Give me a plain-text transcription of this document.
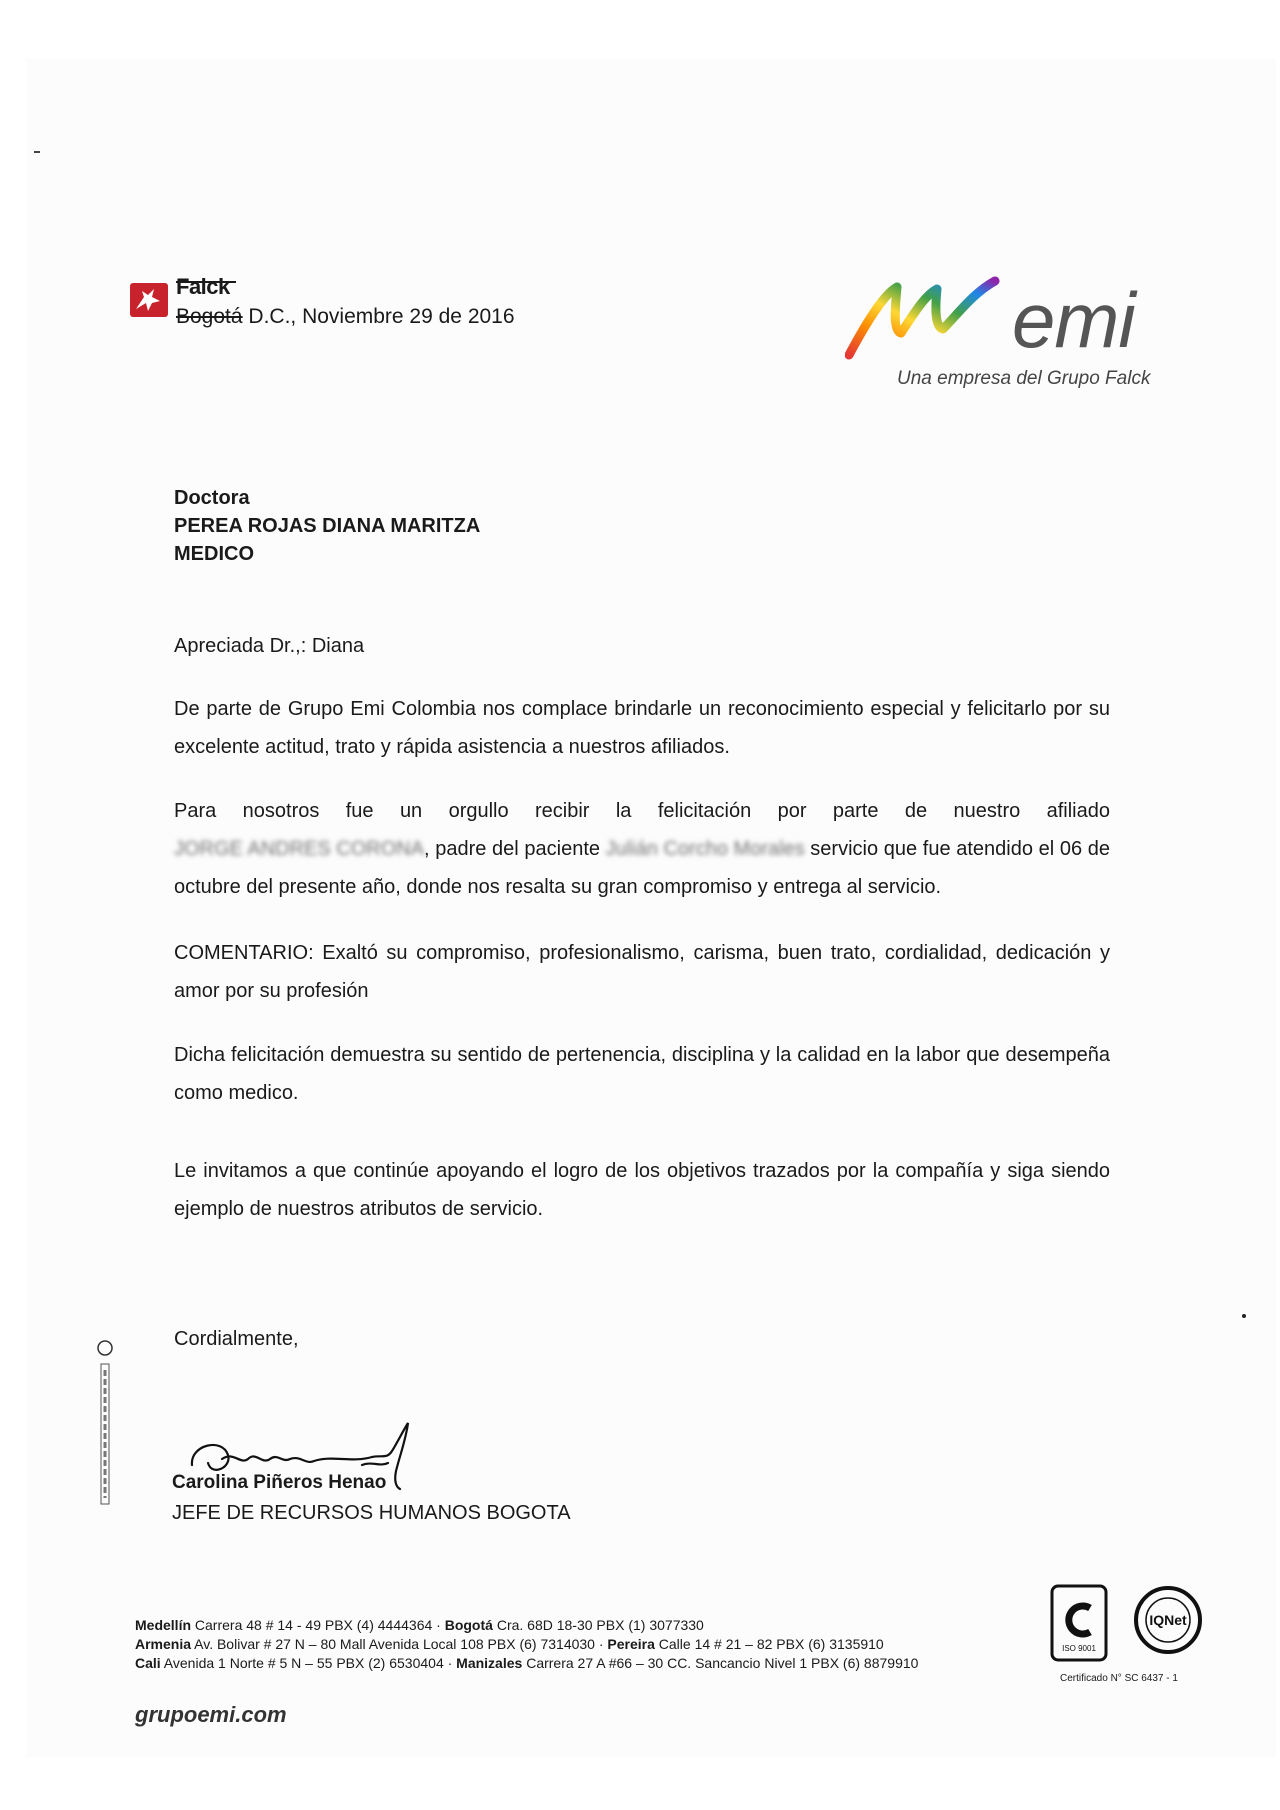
Falck
Bogotá D.C., Noviembre 29 de 2016	emi
Una empresa del Grupo Falck
Doctora
PEREA ROJAS DIANA MARITZA
MEDICO
Apreciada Dr.,: Diana
De parte de Grupo Emi Colombia nos complace brindarle un reconocimiento especial y felicitarlo por su excelente actitud, trato y rápida asistencia a nuestros afiliados.
Para nosotros fue un orgullo recibir la felicitación por parte de nuestro afiliado JORGE ANDRES CORONA, padre del paciente Julián Corcho Morales servicio que fue atendido el 06 de octubre del presente año, donde nos resalta su gran compromiso y entrega al servicio.
COMENTARIO: Exaltó su compromiso, profesionalismo, carisma, buen trato, cordialidad, dedicación y amor por su profesión
Dicha felicitación demuestra su sentido de pertenencia, disciplina y la calidad en la labor que desempeña como medico.
Le invitamos a que continúe apoyando el logro de los objetivos trazados por la compañía y siga siendo ejemplo de nuestros atributos de servicio.
Cordialmente,
Carolina Piñeros Henao
JEFE DE RECURSOS HUMANOS BOGOTA
Medellín Carrera 48 # 14 - 49 PBX (4) 4444364 · Bogotá Cra. 68D 18-30 PBX (1) 3077330
Armenia Av. Bolivar # 27 N – 80 Mall Avenida Local 108 PBX (6) 7314030 · Pereira Calle 14 # 21 – 82 PBX (6) 3135910
Cali Avenida 1 Norte # 5 N – 55 PBX (2) 6530404 · Manizales Carrera 27 A #66 – 30 CC. Sancancio Nivel 1 PBX (6) 8879910
grupoemi.com
ISO 9001
IQNet
Certificado N° SC 6437 - 1
